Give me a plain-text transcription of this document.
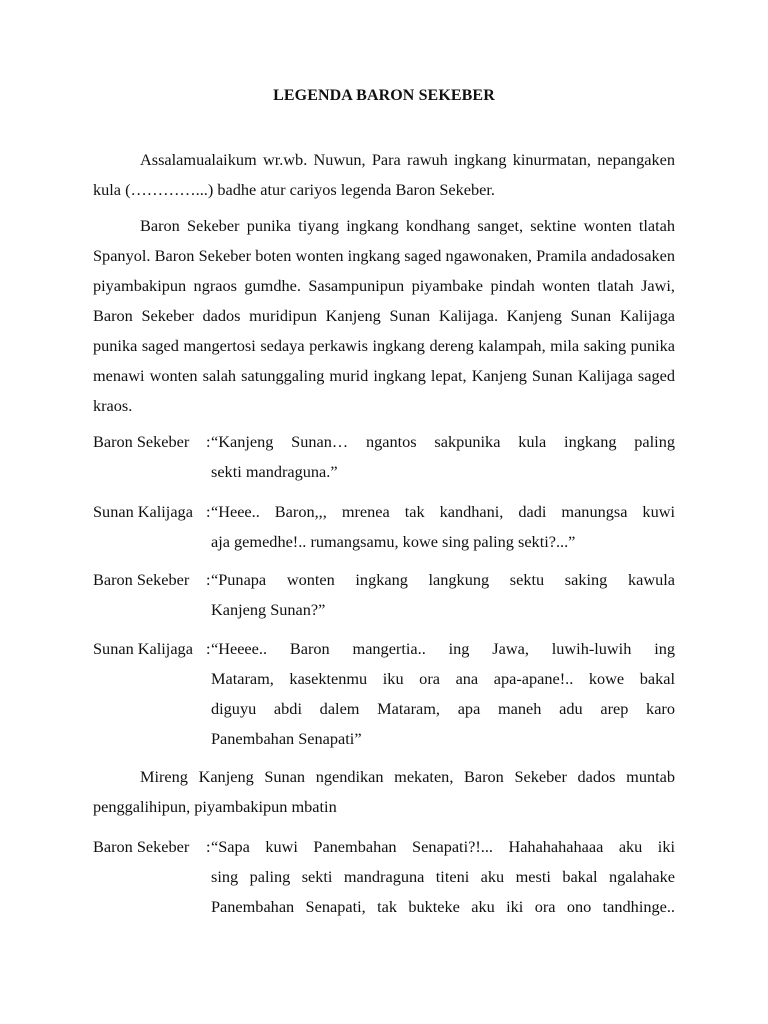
LEGENDA BARON SEKEBER

Assalamualaikum wr.wb. Nuwun, Para rawuh ingkang kinurmatan, nepangaken kula (…………...) badhe atur cariyos legenda Baron Sekeber.

Baron Sekeber punika tiyang ingkang kondhang sanget, sektine wonten tlatah Spanyol. Baron Sekeber boten wonten ingkang saged ngawonaken, Pramila andadosaken piyambakipun ngraos gumdhe. Sasampunipun piyambake pindah wonten tlatah Jawi, Baron Sekeber dados muridipun Kanjeng Sunan Kalijaga. Kanjeng Sunan Kalijaga punika saged mangertosi sedaya perkawis ingkang dereng kalampah, mila saking punika menawi wonten salah satunggaling murid ingkang lepat, Kanjeng Sunan Kalijaga saged kraos.

Baron Sekeber : “Kanjeng Sunan… ngantos sakpunika kula ingkang paling
sekti mandraguna.”
Sunan Kalijaga : “Heee.. Baron,,, mrenea tak kandhani, dadi manungsa kuwi
aja gemedhe!.. rumangsamu, kowe sing paling sekti?...”
Baron Sekeber : “Punapa wonten ingkang langkung sektu saking kawula
Kanjeng Sunan?”
Sunan Kalijaga : “Heeee.. Baron mangertia.. ing Jawa, luwih-luwih ing
Mataram, kasektenmu iku ora ana apa-apane!.. kowe bakal
diguyu abdi dalem Mataram, apa maneh adu arep karo
Panembahan Senapati”

Mireng Kanjeng Sunan ngendikan mekaten, Baron Sekeber dados muntab penggalihipun, piyambakipun mbatin

Baron Sekeber : “Sapa kuwi Panembahan Senapati?!... Hahahahahaaa aku iki
sing paling sekti mandraguna titeni aku mesti bakal ngalahake
Panembahan Senapati, tak bukteke aku iki ora ono tandhinge..
